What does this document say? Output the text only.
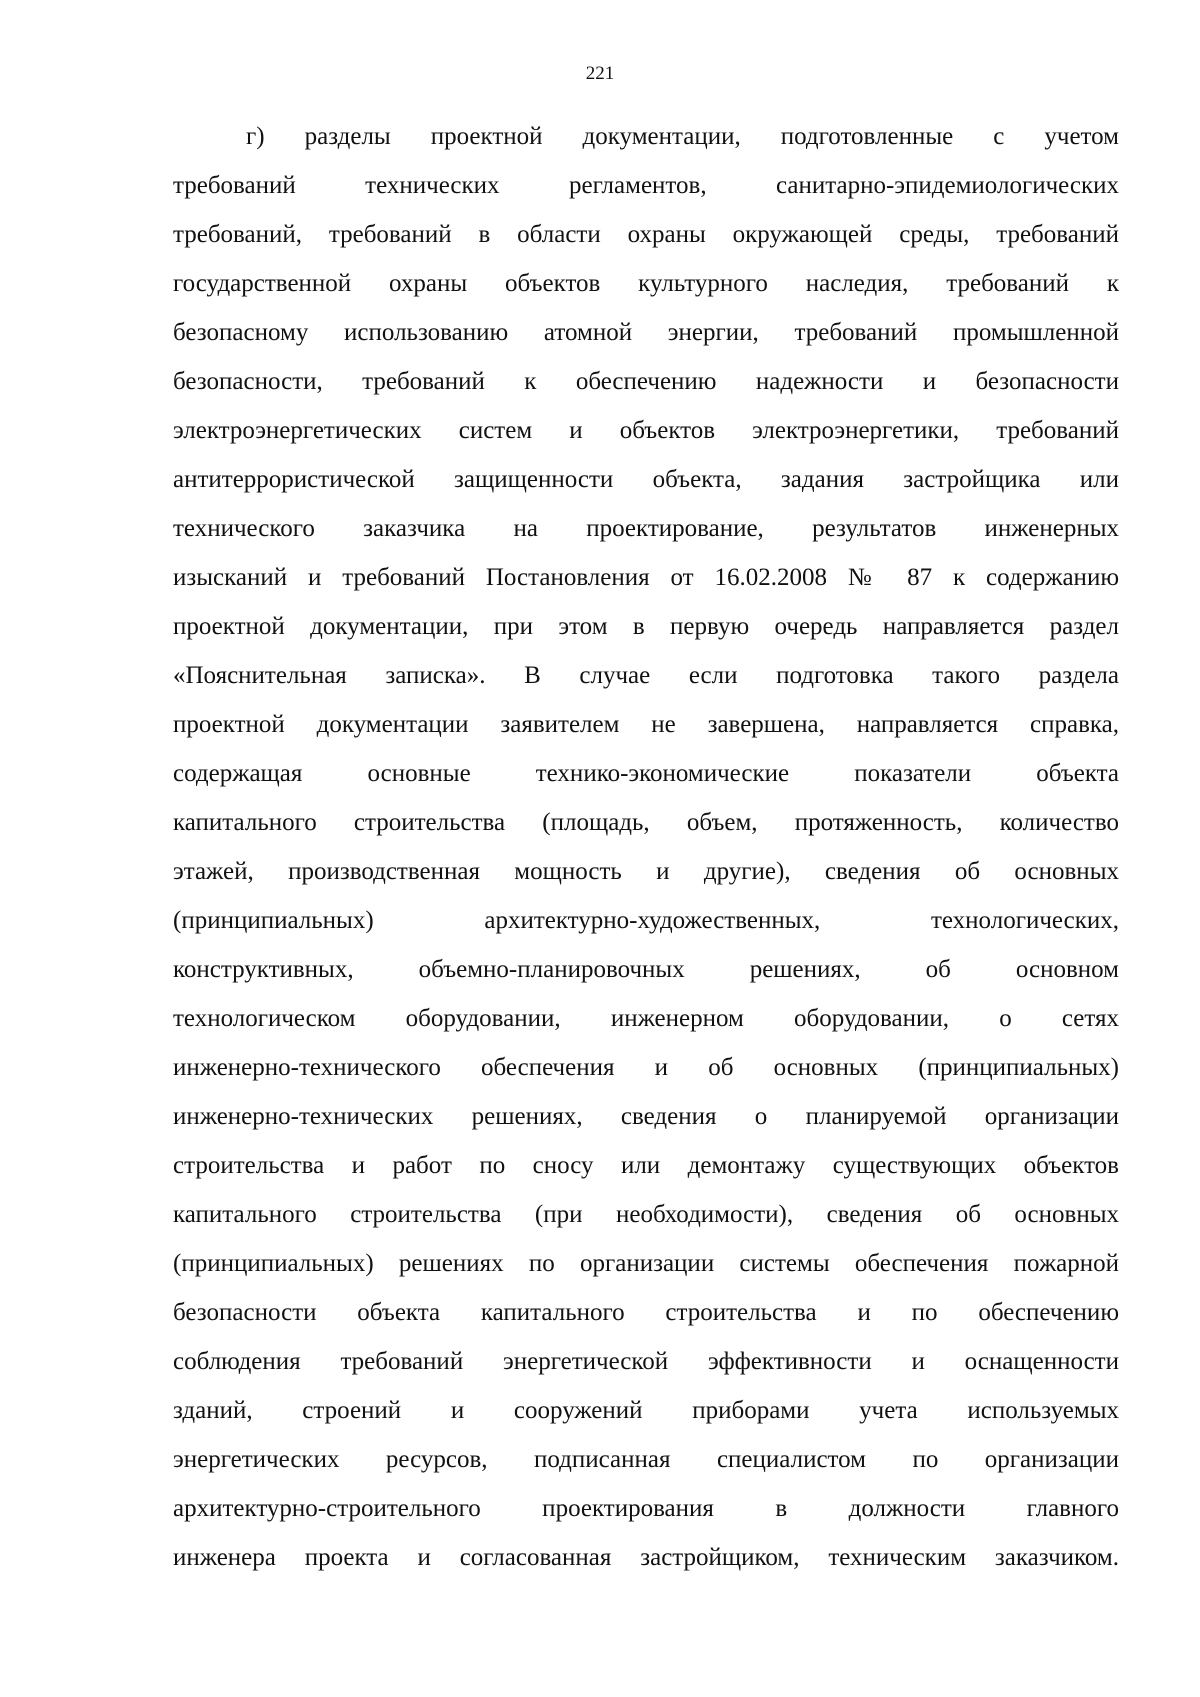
221
г) разделы проектной документации, подготовленные с учетом
требований технических регламентов, санитарно-эпидемиологических
требований, требований в области охраны окружающей среды, требований
государственной охраны объектов культурного наследия, требований к
безопасному использованию атомной энергии, требований промышленной
безопасности, требований к обеспечению надежности и безопасности
электроэнергетических систем и объектов электроэнергетики, требований
антитеррористической защищенности объекта, задания застройщика или
технического заказчика на проектирование, результатов инженерных
изысканий и требований Постановления от 16.02.2008 № 87 к содержанию
проектной документации, при этом в первую очередь направляется раздел
«Пояснительная записка». В случае если подготовка такого раздела
проектной документации заявителем не завершена, направляется справка,
содержащая основные технико-экономические показатели объекта
капитального строительства (площадь, объем, протяженность, количество
этажей, производственная мощность и другие), сведения об основных
(принципиальных) архитектурно-художественных, технологических,
конструктивных, объемно-планировочных решениях, об основном
технологическом оборудовании, инженерном оборудовании, о сетях
инженерно-технического обеспечения и об основных (принципиальных)
инженерно-технических решениях, сведения о планируемой организации
строительства и работ по сносу или демонтажу существующих объектов
капитального строительства (при необходимости), сведения об основных
(принципиальных) решениях по организации системы обеспечения пожарной
безопасности объекта капитального строительства и по обеспечению
соблюдения требований энергетической эффективности и оснащенности
зданий, строений и сооружений приборами учета используемых
энергетических ресурсов, подписанная специалистом по организации
архитектурно-строительного проектирования в должности главного
инженера проекта и согласованная застройщиком, техническим заказчиком.
